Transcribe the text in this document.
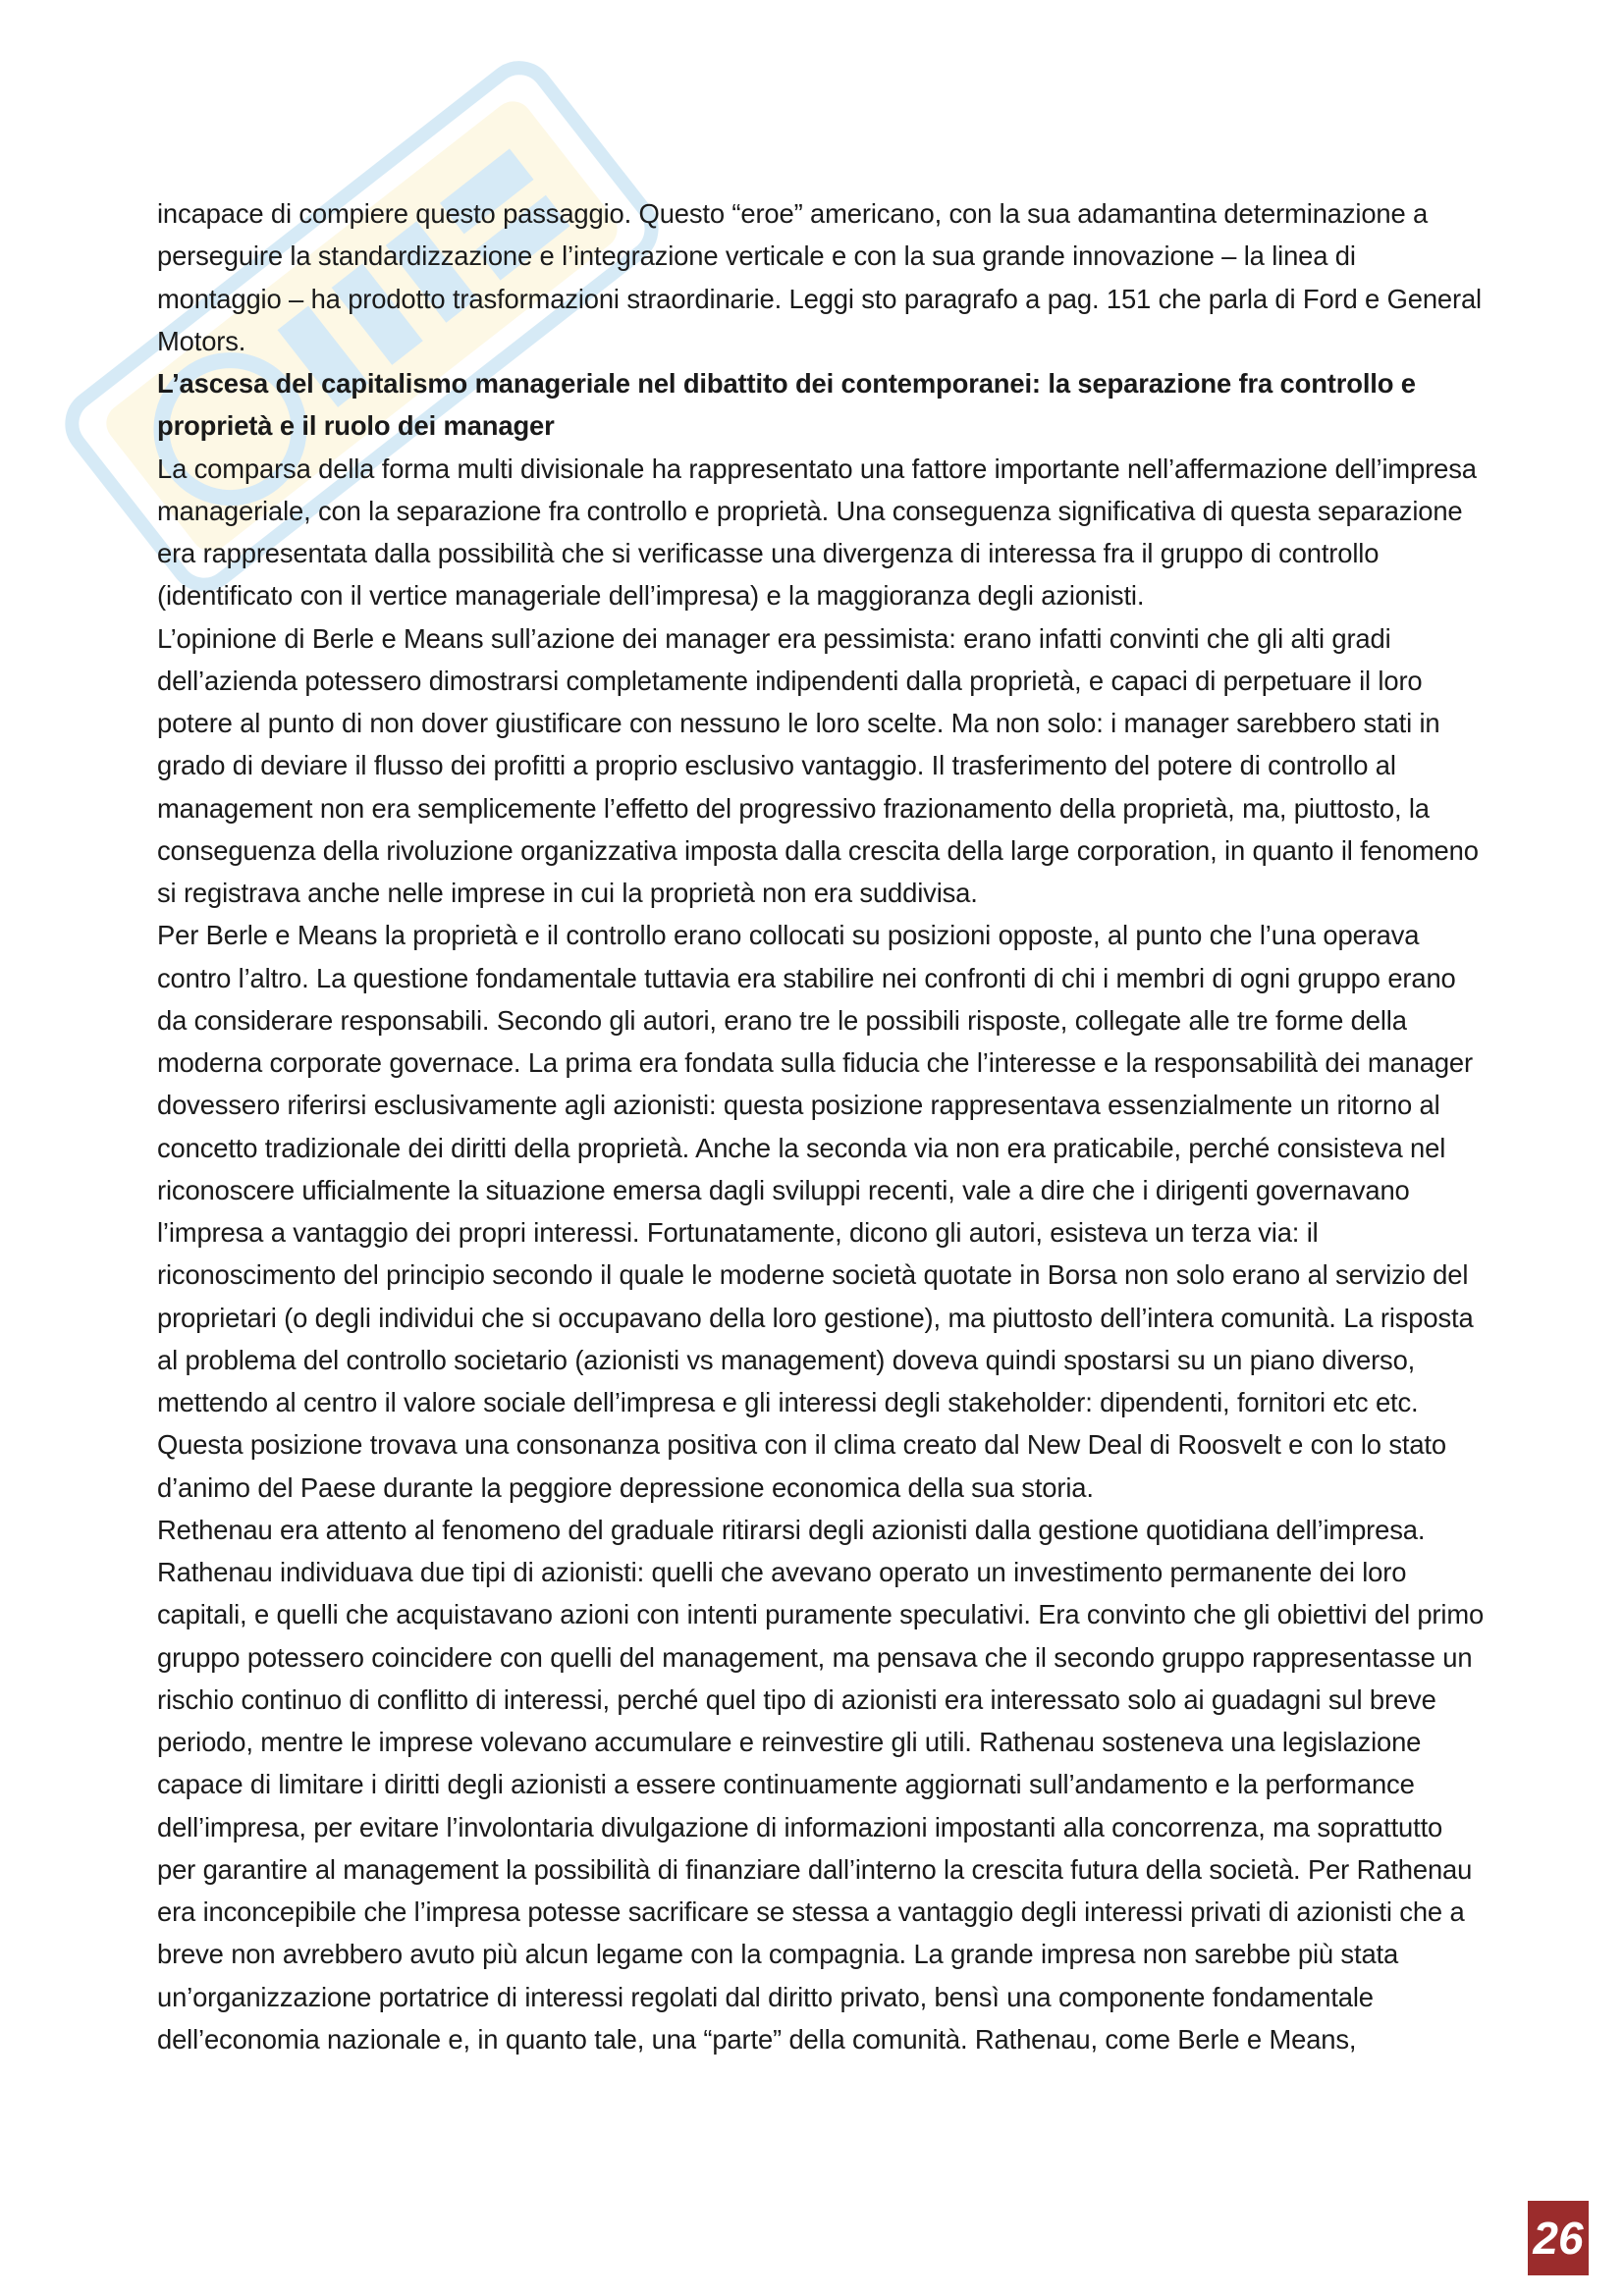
incapace di compiere questo passaggio. Questo “eroe” americano, con la sua adamantina determinazione a perseguire la standardizzazione e l’integrazione verticale e con la sua grande innovazione – la linea di montaggio – ha prodotto trasformazioni straordinarie. Leggi sto paragrafo a pag. 151 che parla di Ford e General Motors.

L’ascesa del capitalismo manageriale nel dibattito dei contemporanei: la separazione fra controllo e proprietà e il ruolo dei manager

La comparsa della forma multi divisionale ha rappresentato una fattore importante nell’affermazione dell’impresa manageriale, con la separazione fra controllo e proprietà. Una conseguenza significativa di questa separazione era rappresentata dalla possibilità che si verificasse una divergenza di interessa fra il gruppo di controllo (identificato con il vertice manageriale dell’impresa) e la maggioranza degli azionisti.

L’opinione di Berle e Means sull’azione dei manager era pessimista: erano infatti convinti che gli alti gradi dell’azienda potessero dimostrarsi completamente indipendenti dalla proprietà, e capaci di perpetuare il loro potere al punto di non dover giustificare con nessuno le loro scelte. Ma non solo: i manager sarebbero stati in grado di deviare il flusso dei profitti a proprio esclusivo vantaggio. Il trasferimento del potere di controllo al management non era semplicemente l’effetto del progressivo frazionamento della proprietà, ma, piuttosto, la conseguenza della rivoluzione organizzativa imposta dalla crescita della large corporation, in quanto il fenomeno si registrava anche nelle imprese in cui la proprietà non era suddivisa.

Per Berle e Means la proprietà e il controllo erano collocati su posizioni opposte, al punto che l’una operava contro l’altro. La questione fondamentale tuttavia era stabilire nei confronti di chi i membri di ogni gruppo erano da considerare responsabili. Secondo gli autori, erano tre le possibili risposte, collegate alle tre forme della moderna corporate governace. La prima era fondata sulla fiducia che l’interesse e la responsabilità dei manager dovessero riferirsi esclusivamente agli azionisti: questa posizione rappresentava essenzialmente un ritorno al concetto tradizionale dei diritti della proprietà. Anche la seconda via non era praticabile, perché consisteva nel riconoscere ufficialmente la situazione emersa dagli sviluppi recenti, vale a dire che i dirigenti governavano l’impresa a vantaggio dei propri interessi. Fortunatamente, dicono gli autori, esisteva un terza via: il riconoscimento del principio secondo il quale le moderne società quotate in Borsa non solo erano al servizio del proprietari (o degli individui che si occupavano della loro gestione), ma piuttosto dell’intera comunità. La risposta al problema del controllo societario (azionisti vs management) doveva quindi spostarsi su un piano diverso, mettendo al centro il valore sociale dell’impresa e gli interessi degli stakeholder: dipendenti, fornitori etc etc. Questa posizione trovava una consonanza positiva con il clima creato dal New Deal di Roosvelt e con lo stato d’animo del Paese durante la peggiore depressione economica della sua storia.

Rethenau era attento al fenomeno del graduale ritirarsi degli azionisti dalla gestione quotidiana dell’impresa. Rathenau individuava due tipi di azionisti: quelli che avevano operato un investimento permanente dei loro capitali, e quelli che acquistavano azioni con intenti puramente speculativi. Era convinto che gli obiettivi del primo gruppo potessero coincidere con quelli del management, ma pensava che il secondo gruppo rappresentasse un rischio continuo di conflitto di interessi, perché quel tipo di azionisti era interessato solo ai guadagni sul breve periodo, mentre le imprese volevano accumulare e reinvestire gli utili. Rathenau sosteneva una legislazione capace di limitare i diritti degli azionisti a essere continuamente aggiornati sull’andamento e la performance dell’impresa, per evitare l’involontaria divulgazione di informazioni impostanti alla concorrenza, ma soprattutto per garantire al management la possibilità di finanziare dall’interno la crescita futura della società. Per Rathenau era inconcepibile che l’impresa potesse sacrificare se stessa a vantaggio degli interessi privati di azionisti che a breve non avrebbero avuto più alcun legame con la compagnia. La grande impresa non sarebbe più stata un’organizzazione portatrice di interessi regolati dal diritto privato, bensì una componente fondamentale dell’economia nazionale e, in quanto tale, una “parte” della comunità. Rathenau, come Berle e Means,

26
